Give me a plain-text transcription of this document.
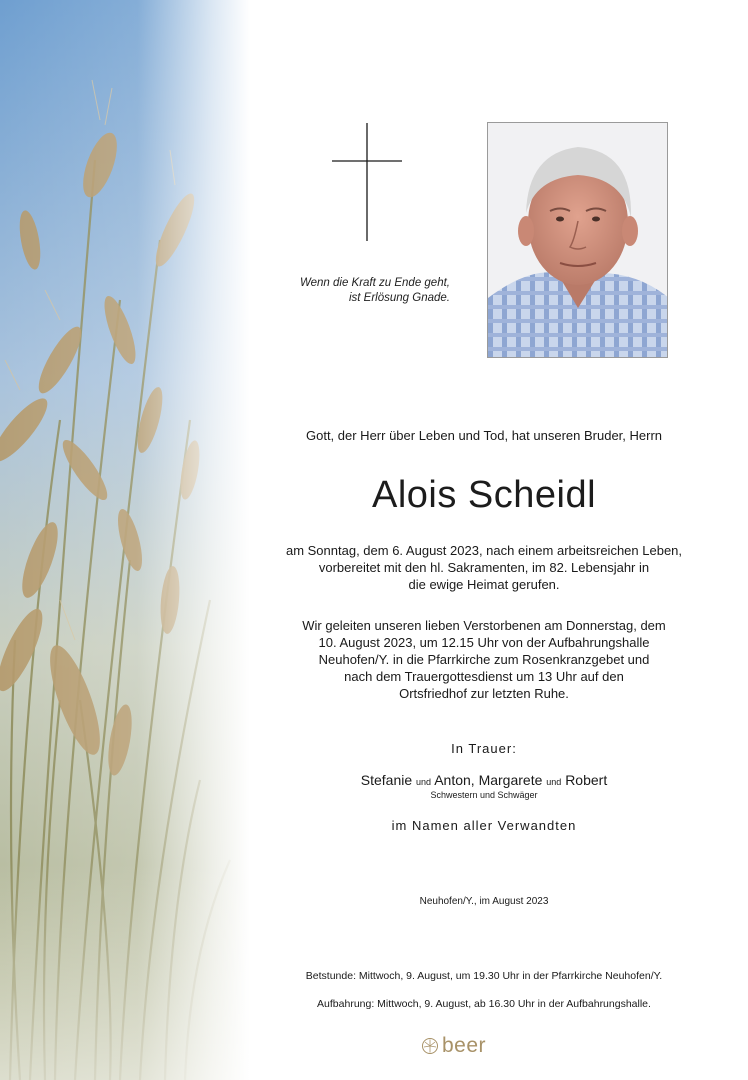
Wenn die Kraft zu Ende geht,
ist Erlösung Gnade.
Gott, der Herr über Leben und Tod, hat unseren Bruder, Herrn
Alois Scheidl
am Sonntag, dem 6. August 2023, nach einem arbeitsreichen Leben,
vorbereitet mit den hl. Sakramenten, im 82. Lebensjahr in
die ewige Heimat gerufen.
Wir geleiten unseren lieben Verstorbenen am Donnerstag, dem
10. August 2023, um 12.15 Uhr von der Aufbahrungshalle
Neuhofen/Y. in die Pfarrkirche zum Rosenkranzgebet und
nach dem Trauergottesdienst um 13 Uhr auf den
Ortsfriedhof zur letzten Ruhe.
In Trauer:
Stefanie und Anton, Margarete und Robert
Schwestern und Schwäger
im Namen aller Verwandten
Neuhofen/Y., im August 2023
Betstunde: Mittwoch, 9. August, um 19.30 Uhr in der Pfarrkirche Neuhofen/Y.
Aufbahrung: Mittwoch, 9. August, ab 16.30 Uhr in der Aufbahrungshalle.
beer
